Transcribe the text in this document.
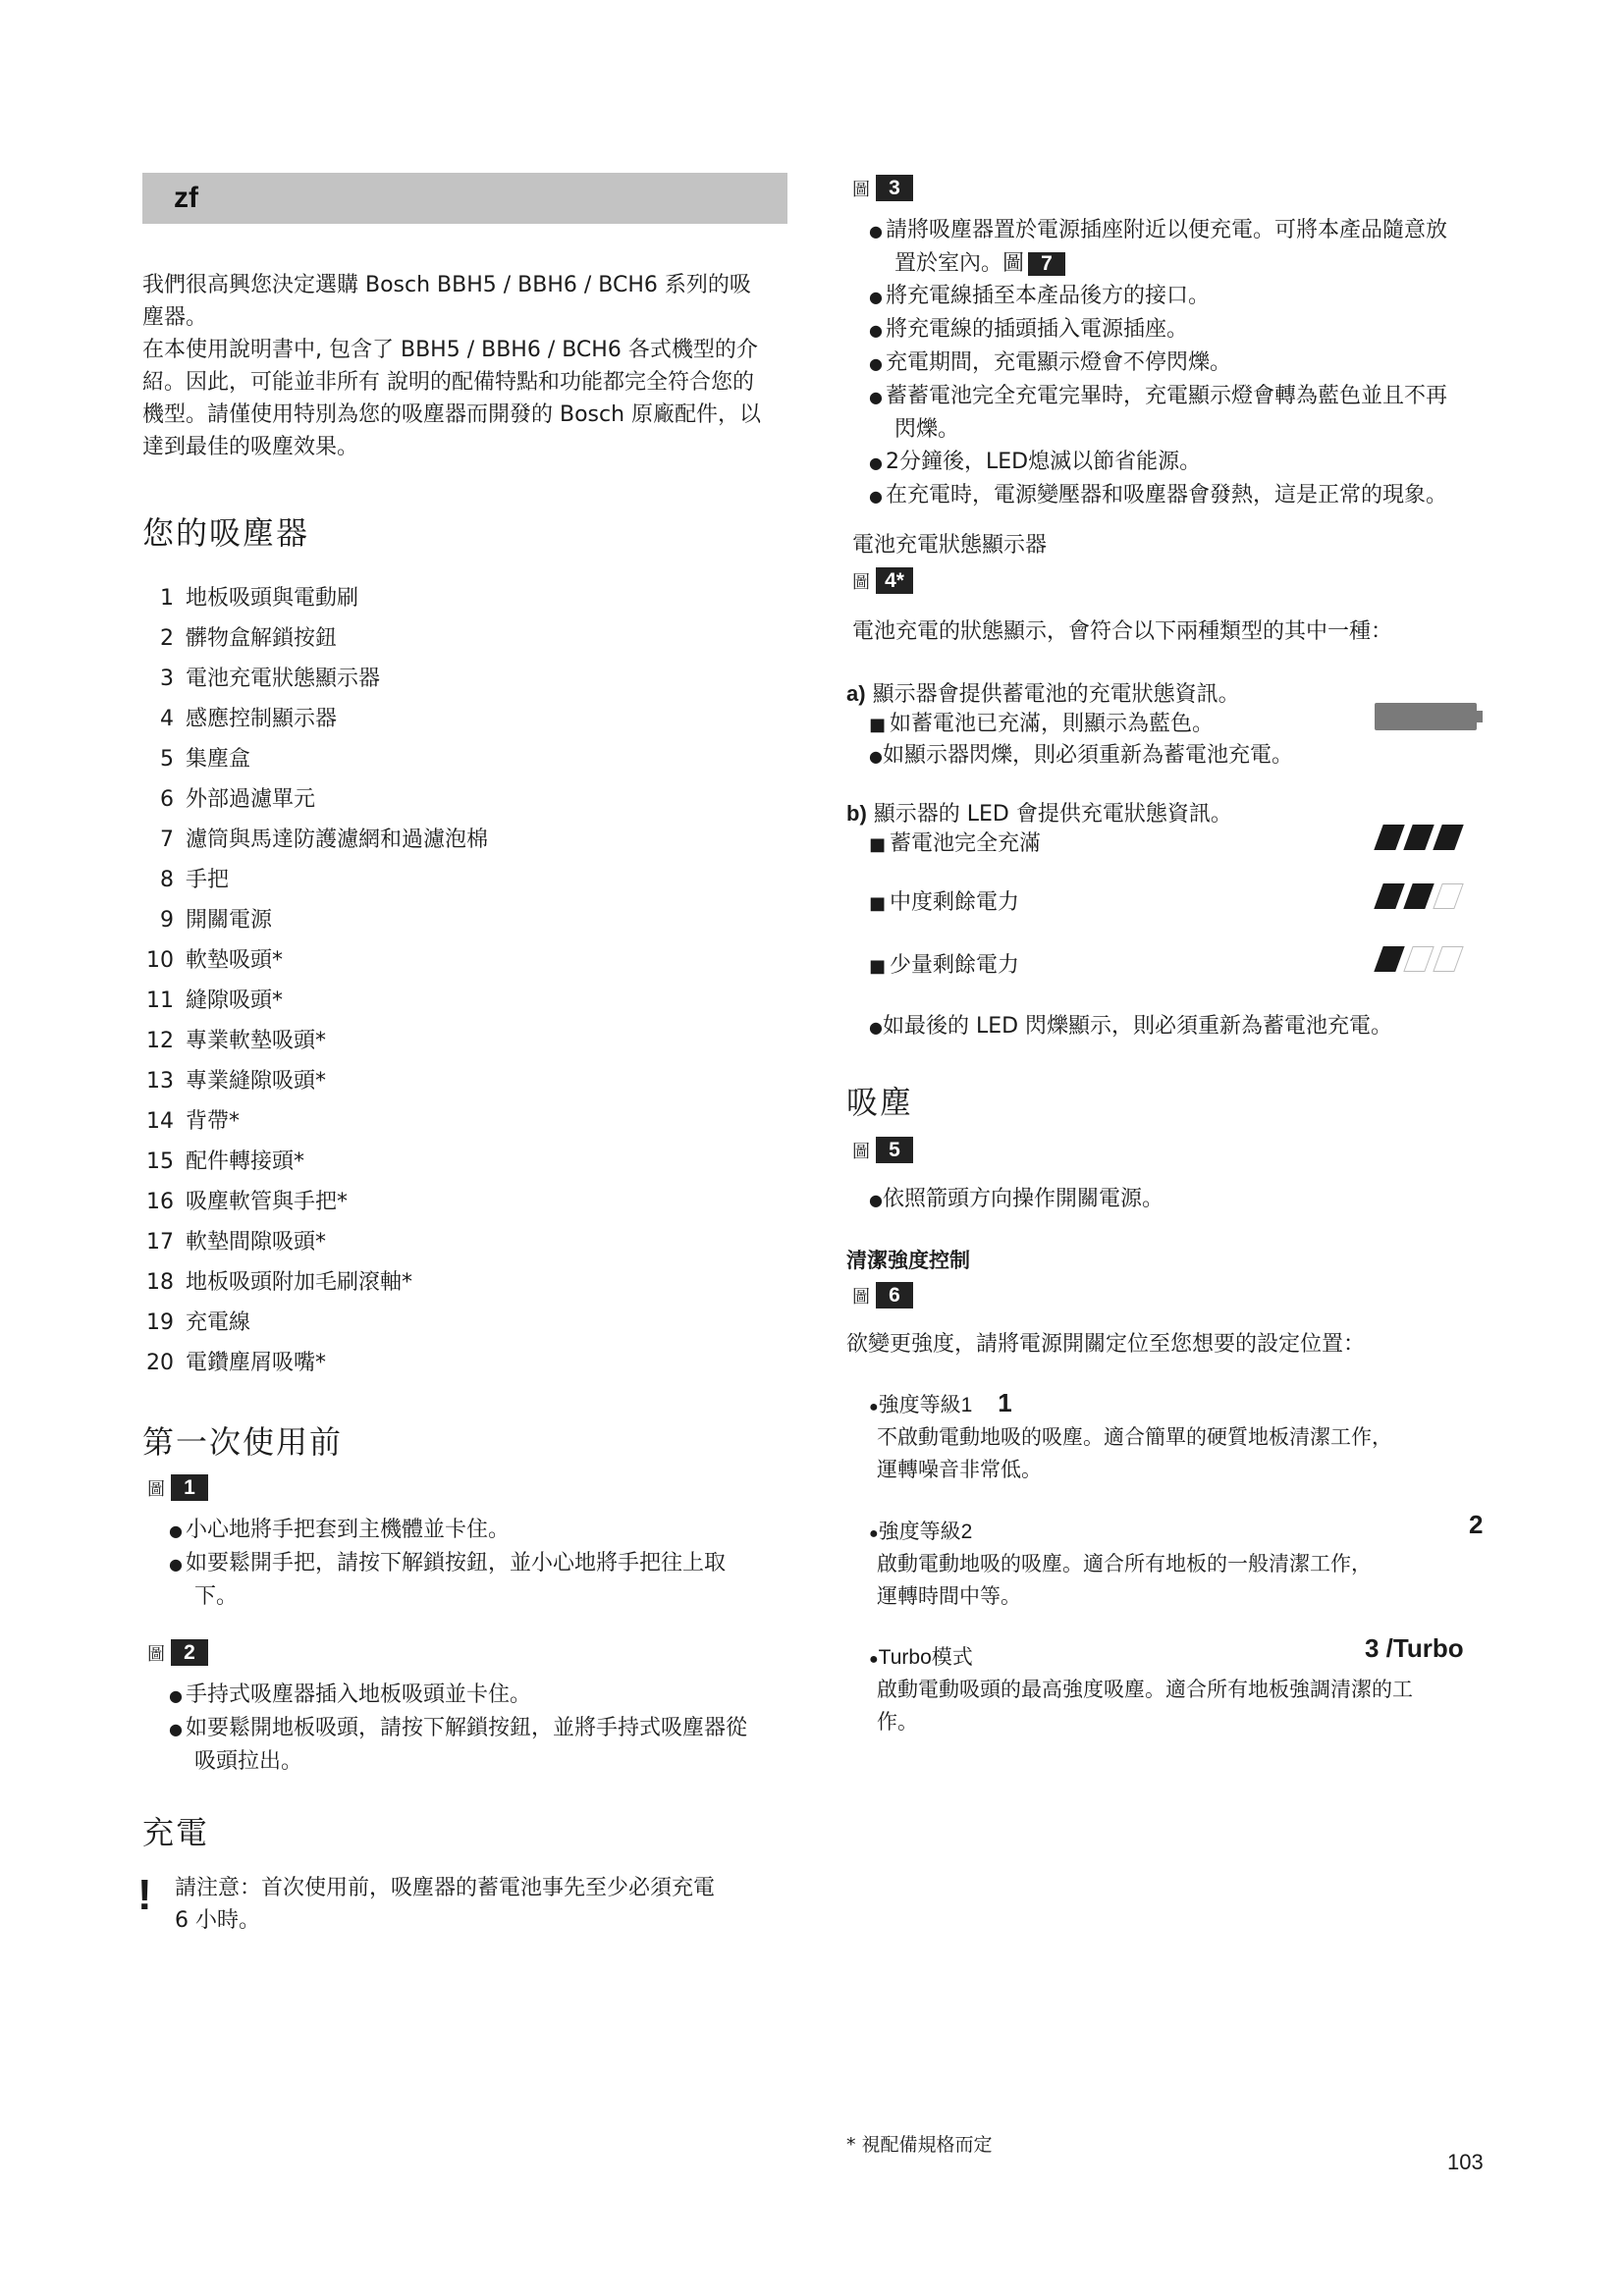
zf
我們很高興您決定選購 Bosch BBH5 / BBH6 / BCH6 系列的吸
塵器。
在本使用說明書中, 包含了 BBH5 / BBH6 / BCH6 各式機型的介
紹。因此，可能並非所有 說明的配備特點和功能都完全符合您的
機型。請僅使用特別為您的吸塵器而開發的 Bosch 原廠配件，以
達到最佳的吸塵效果。
您的吸塵器
1 地板吸頭與電動刷
2 髒物盒解鎖按鈕
3 電池充電狀態顯示器
4 感應控制顯示器
5 集塵盒
6 外部過濾單元
7 濾筒與馬達防護濾網和過濾泡棉
8 手把
9 開關電源
10 軟墊吸頭*
11 縫隙吸頭*
12 專業軟墊吸頭*
13 專業縫隙吸頭*
14 背帶*
15 配件轉接頭*
16 吸塵軟管與手把*
17 軟墊間隙吸頭*
18 地板吸頭附加毛刷滾軸*
19 充電線
20 電鑽塵屑吸嘴*
第一次使用前
圖 1
● 小心地將手把套到主機體並卡住。
● 如要鬆開手把，請按下解鎖按鈕，並小心地將手把往上取
下。
圖 2
● 手持式吸塵器插入地板吸頭並卡住。
● 如要鬆開地板吸頭，請按下解鎖按鈕，並將手持式吸塵器從
吸頭拉出。
充電
! 請注意：首次使用前，吸塵器的蓄電池事先至少必須充電
6 小時。
圖 3
● 請將吸塵器置於電源插座附近以便充電。可將本產品隨意放
置於室內。圖 7
● 將充電線插至本產品後方的接口。
● 將充電線的插頭插入電源插座。
● 充電期間，充電顯示燈會不停閃爍。
● 蓄蓄電池完全充電完畢時，充電顯示燈會轉為藍色並且不再
閃爍。
● 2分鐘後，LED熄滅以節省能源。
● 在充電時，電源變壓器和吸塵器會發熱，這是正常的現象。
電池充電狀態顯示器
圖 4*
電池充電的狀態顯示，會符合以下兩種類型的其中一種：
a) 顯示器會提供蓄電池的充電狀態資訊。
■ 如蓄電池已充滿，則顯示為藍色。
●如顯示器閃爍，則必須重新為蓄電池充電。
b) 顯示器的 LED 會提供充電狀態資訊。
■ 蓄電池完全充滿
■ 中度剩餘電力
■ 少量剩餘電力
●如最後的 LED 閃爍顯示，則必須重新為蓄電池充電。
吸塵
圖 5
●依照箭頭方向操作開關電源。
清潔強度控制
圖 6
欲變更強度，請將電源開關定位至您想要的設定位置：
●強度等級1 1
不啟動電動地吸的吸塵。適合簡單的硬質地板清潔工作，
運轉噪音非常低。
●強度等級2	2
啟動電動地吸的吸塵。適合所有地板的一般清潔工作，
運轉時間中等。
●Turbo模式	3 /Turbo
啟動電動吸頭的最高強度吸塵。適合所有地板強調清潔的工
作。
* 視配備規格而定
103
